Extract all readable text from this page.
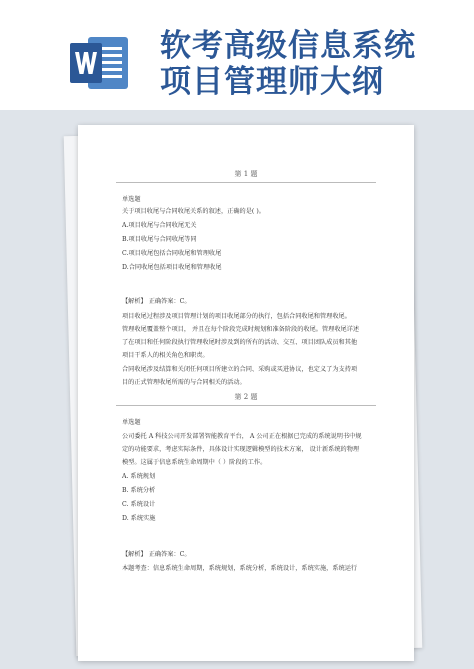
软考高级信息系统
项目管理师大纲
第 1 题
单选题
关于项目收尾与合同收尾关系的叙述，正确的是( )。
A.项目收尾与合同收尾无关
B.项目收尾与合同收尾等同
C.项目收尾包括合同收尾和管理收尾
D.合同收尾包括项目收尾和管理收尾
【解析】 正确答案：C。
项目收尾过程涉及项目管理计划的项目收尾部分的执行，包括合同收尾和管理收尾。
管理收尾覆盖整个项目， 并且在每个阶段完成时规划和准备阶段的收尾。管理收尾详述
了在项目和任何阶段执行管理收尾时涉及到的所有的活动、交互、项目团队成员和其他
项目干系人的相关角色和职责。
合同收尾涉及结算和关闭任何项目所建立的合同、采购或买进协议，也定义了为支持项
目的正式管理收尾所需的与合同相关的活动。
第 2 题
单选题
公司委托 A 科技公司开发部署智能教育平台， A 公司正在根据已完成的系统说明书中规
定的功能要求，考虑实际条件，具体设计实现逻辑模型的技术方案， 设计新系统的物理
模型。这属于信息系统生命周期中（ ）阶段的工作。
A. 系统规划
B. 系统分析
C. 系统设计
D. 系统实施
【解析】 正确答案：C。
本题考查：信息系统生命周期，系统规划，系统分析，系统设计，系统实施，系统运行
